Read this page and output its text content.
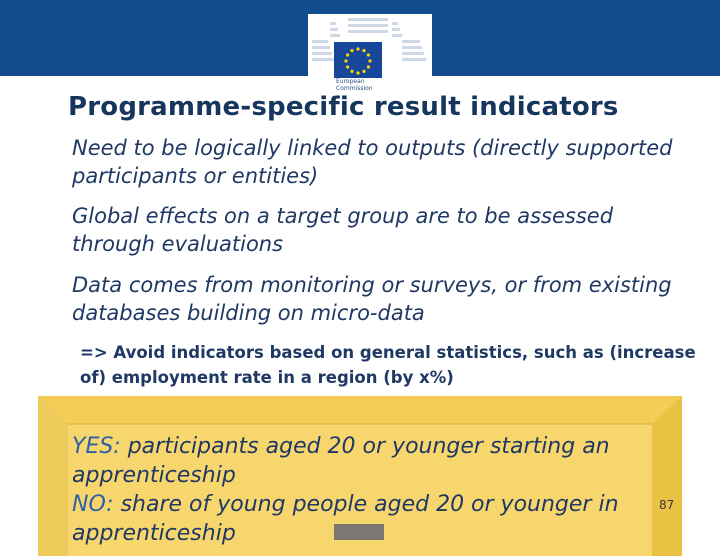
European
Commission
Programme-specific result indicators

Need to be logically linked to outputs (directly supported participants or entities)

Global effects on a target group are to be assessed through evaluations

Data comes from monitoring or surveys, or from existing databases building on micro-data

=> Avoid indicators based on general statistics, such as (increase of) employment rate in a region (by x%)

YES: participants aged 20 or younger starting an apprenticeship
NO: share of young people aged 20 or younger in apprenticeship
87
